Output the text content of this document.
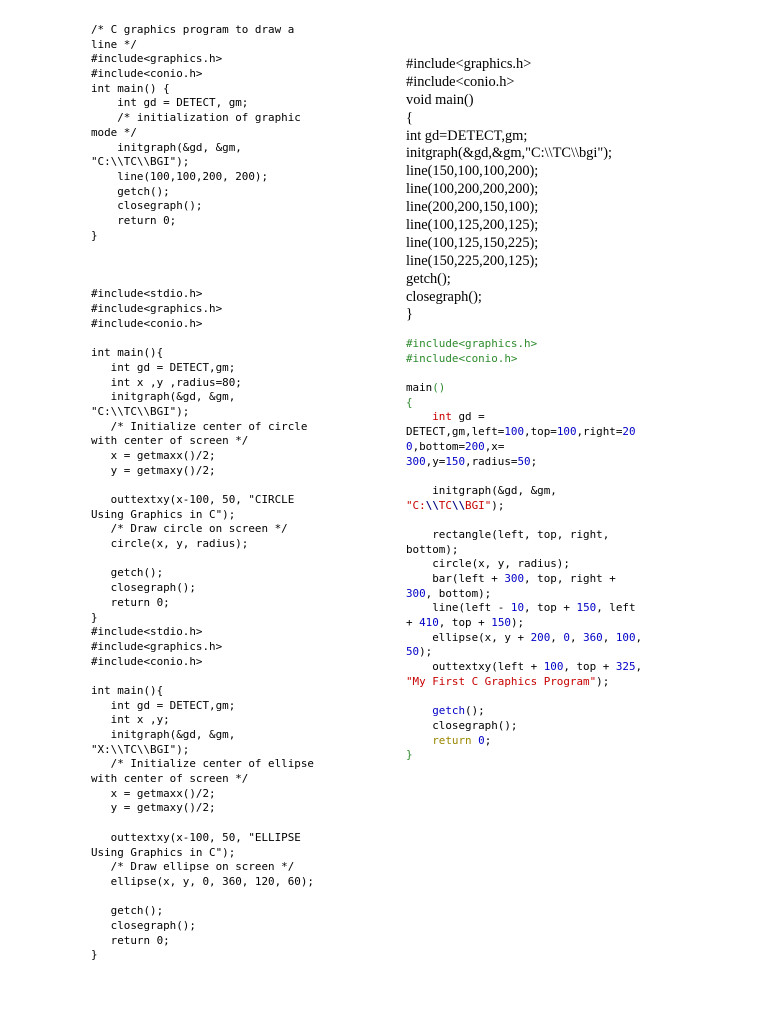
/* C graphics program to draw a
line */
#include<graphics.h>
#include<conio.h>
int main() {
int gd = DETECT, gm;
/* initialization of graphic
mode */
initgraph(&gd, &gm,
"C:\\TC\\BGI");
line(100,100,200, 200);
getch();
closegraph();
return 0;
}
#include<stdio.h>
#include<graphics.h>
#include<conio.h>
int main(){
int gd = DETECT,gm;
int x ,y ,radius=80;
initgraph(&gd, &gm,
"C:\\TC\\BGI");
/* Initialize center of circle
with center of screen */
x = getmaxx()/2;
y = getmaxy()/2;
outtextxy(x-100, 50, "CIRCLE
Using Graphics in C");
/* Draw circle on screen */
circle(x, y, radius);
getch();
closegraph();
return 0;
}
#include<stdio.h>
#include<graphics.h>
#include<conio.h>
int main(){
int gd = DETECT,gm;
int x ,y;
initgraph(&gd, &gm,
"X:\\TC\\BGI");
/* Initialize center of ellipse
with center of screen */
x = getmaxx()/2;
y = getmaxy()/2;
outtextxy(x-100, 50, "ELLIPSE
Using Graphics in C");
/* Draw ellipse on screen */
ellipse(x, y, 0, 360, 120, 60);
getch();
closegraph();
return 0;
}
#include<graphics.h>
#include<conio.h>
void main()
{
int gd=DETECT,gm;
initgraph(&gd,&gm,"C:\\TC\\bgi");
line(150,100,100,200);
line(100,200,200,200);
line(200,200,150,100);
line(100,125,200,125);
line(100,125,150,225);
line(150,225,200,125);
getch();
closegraph();
}
#include<graphics.h>
#include<conio.h>
main()
{
int gd =
DETECT,gm,left=100,top=100,right=20
0,bottom=200,x=
300,y=150,radius=50;
initgraph(&gd, &gm,
"C:\\TC\\BGI");
rectangle(left, top, right,
bottom);
circle(x, y, radius);
bar(left + 300, top, right +
300, bottom);
line(left - 10, top + 150, left
+ 410, top + 150);
ellipse(x, y + 200, 0, 360, 100,
50);
outtextxy(left + 100, top + 325,
"My First C Graphics Program");
getch();
closegraph();
return 0;
}
